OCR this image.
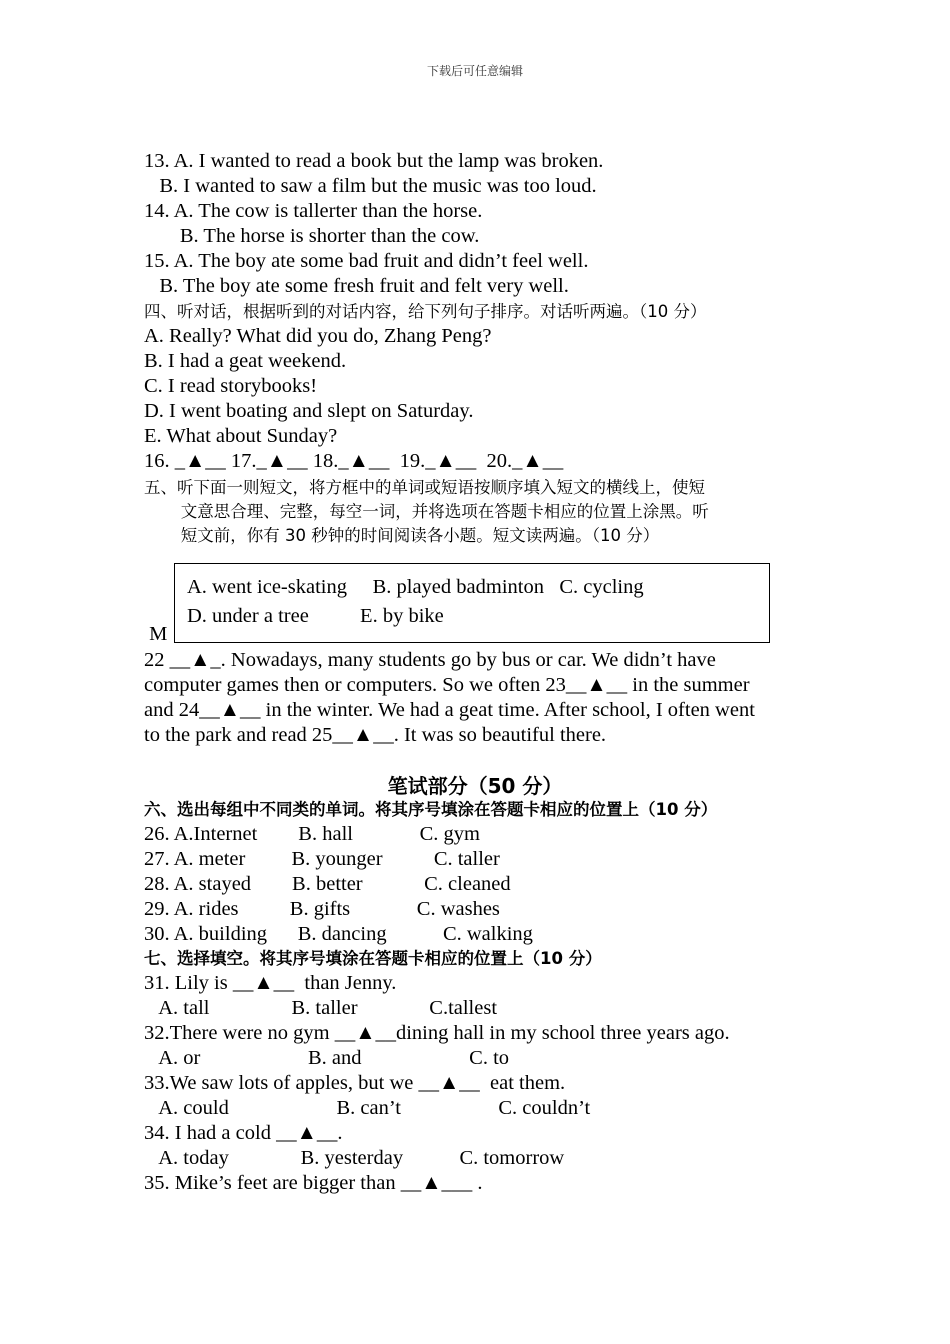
下载后可任意编辑
13. A. I wanted to read a book but the lamp was broken.
B. I wanted to saw a film but the music was too loud.
14. A. The cow is tallerter than the horse.
B. The horse is shorter than the cow.
15. A. The boy ate some bad fruit and didn’t feel well.
B. The boy ate some fresh fruit and felt very well.
四、听对话，根据听到的对话内容，给下列句子排序。对话听两遍。（10 分）
A. Really? What did you do, Zhang Peng?
B. I had a geat weekend.
C. I read storybooks!
D. I went boating and slept on Saturday.
E. What about Sunday?
16. _▲__ 17._▲__ 18._▲__  19._▲__  20._▲__
五、听下面一则短文，将方框中的单词或短语按顺序填入短文的横线上，使短
文意思合理、完整，每空一词，并将选项在答题卡相应的位置上涂黑。听
短文前，你有 30 秒钟的时间阅读各小题。短文读两遍。（10 分）
M
A. went ice-skating     B. played badminton   C. cycling
D. under a tree          E. by bike
22 __▲_. Nowadays, many students go by bus or car. We didn’t have
computer games then or computers. So we often 23__▲__ in the summer
and 24__▲__ in the winter. We had a geat time. After school, I often went
to the park and read 25__▲__. It was so beautiful there.
笔试部分（50 分）
六、选出每组中不同类的单词。将其序号填涂在答题卡相应的位置上（10 分）
26. A.Internet        B. hall             C. gym
27. A. meter         B. younger          C. taller
28. A. stayed        B. better            C. cleaned
29. A. rides          B. gifts             C. washes
30. A. building      B. dancing           C. walking
七、选择填空。将其序号填涂在答题卡相应的位置上（10 分）
31. Lily is __▲__  than Jenny.
A. tall                B. taller              C.tallest
32.There were no gym __▲__dining hall in my school three years ago.
A. or                     B. and                     C. to
33.We saw lots of apples, but we __▲__  eat them.
A. could                     B. can’t                   C. couldn’t
34. I had a cold __▲__.
A. today              B. yesterday           C. tomorrow
35. Mike’s feet are bigger than __▲___ .
